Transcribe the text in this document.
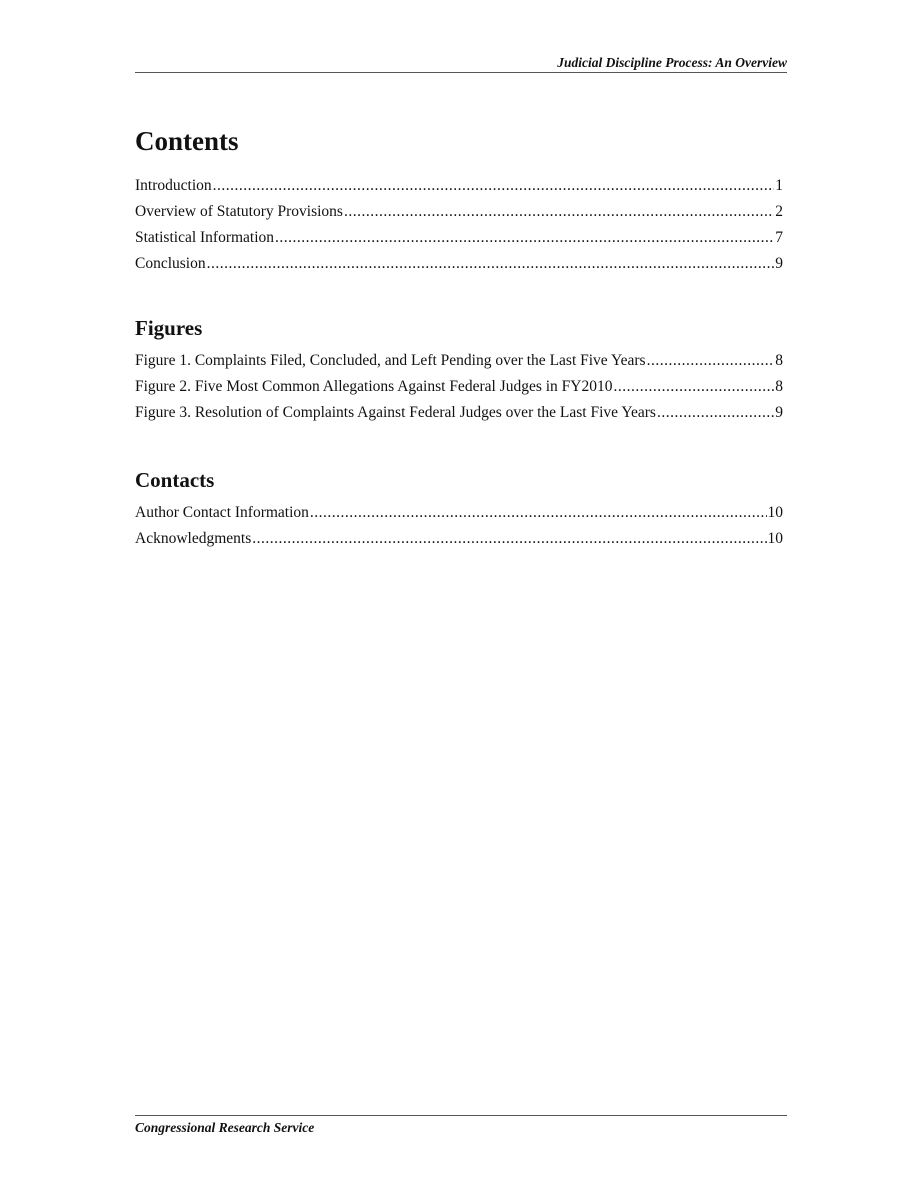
Judicial Discipline Process: An Overview
Contents
Introduction .....	1
Overview of Statutory Provisions .....	2
Statistical Information .....	7
Conclusion .....	9
Figures
Figure 1. Complaints Filed, Concluded, and Left Pending over the Last Five Years .....	8
Figure 2. Five Most Common Allegations Against Federal Judges in FY2010 .....	8
Figure 3. Resolution of Complaints Against Federal Judges over the Last Five Years .....	9
Contacts
Author Contact Information .....	10
Acknowledgments .....	10
Congressional Research Service
